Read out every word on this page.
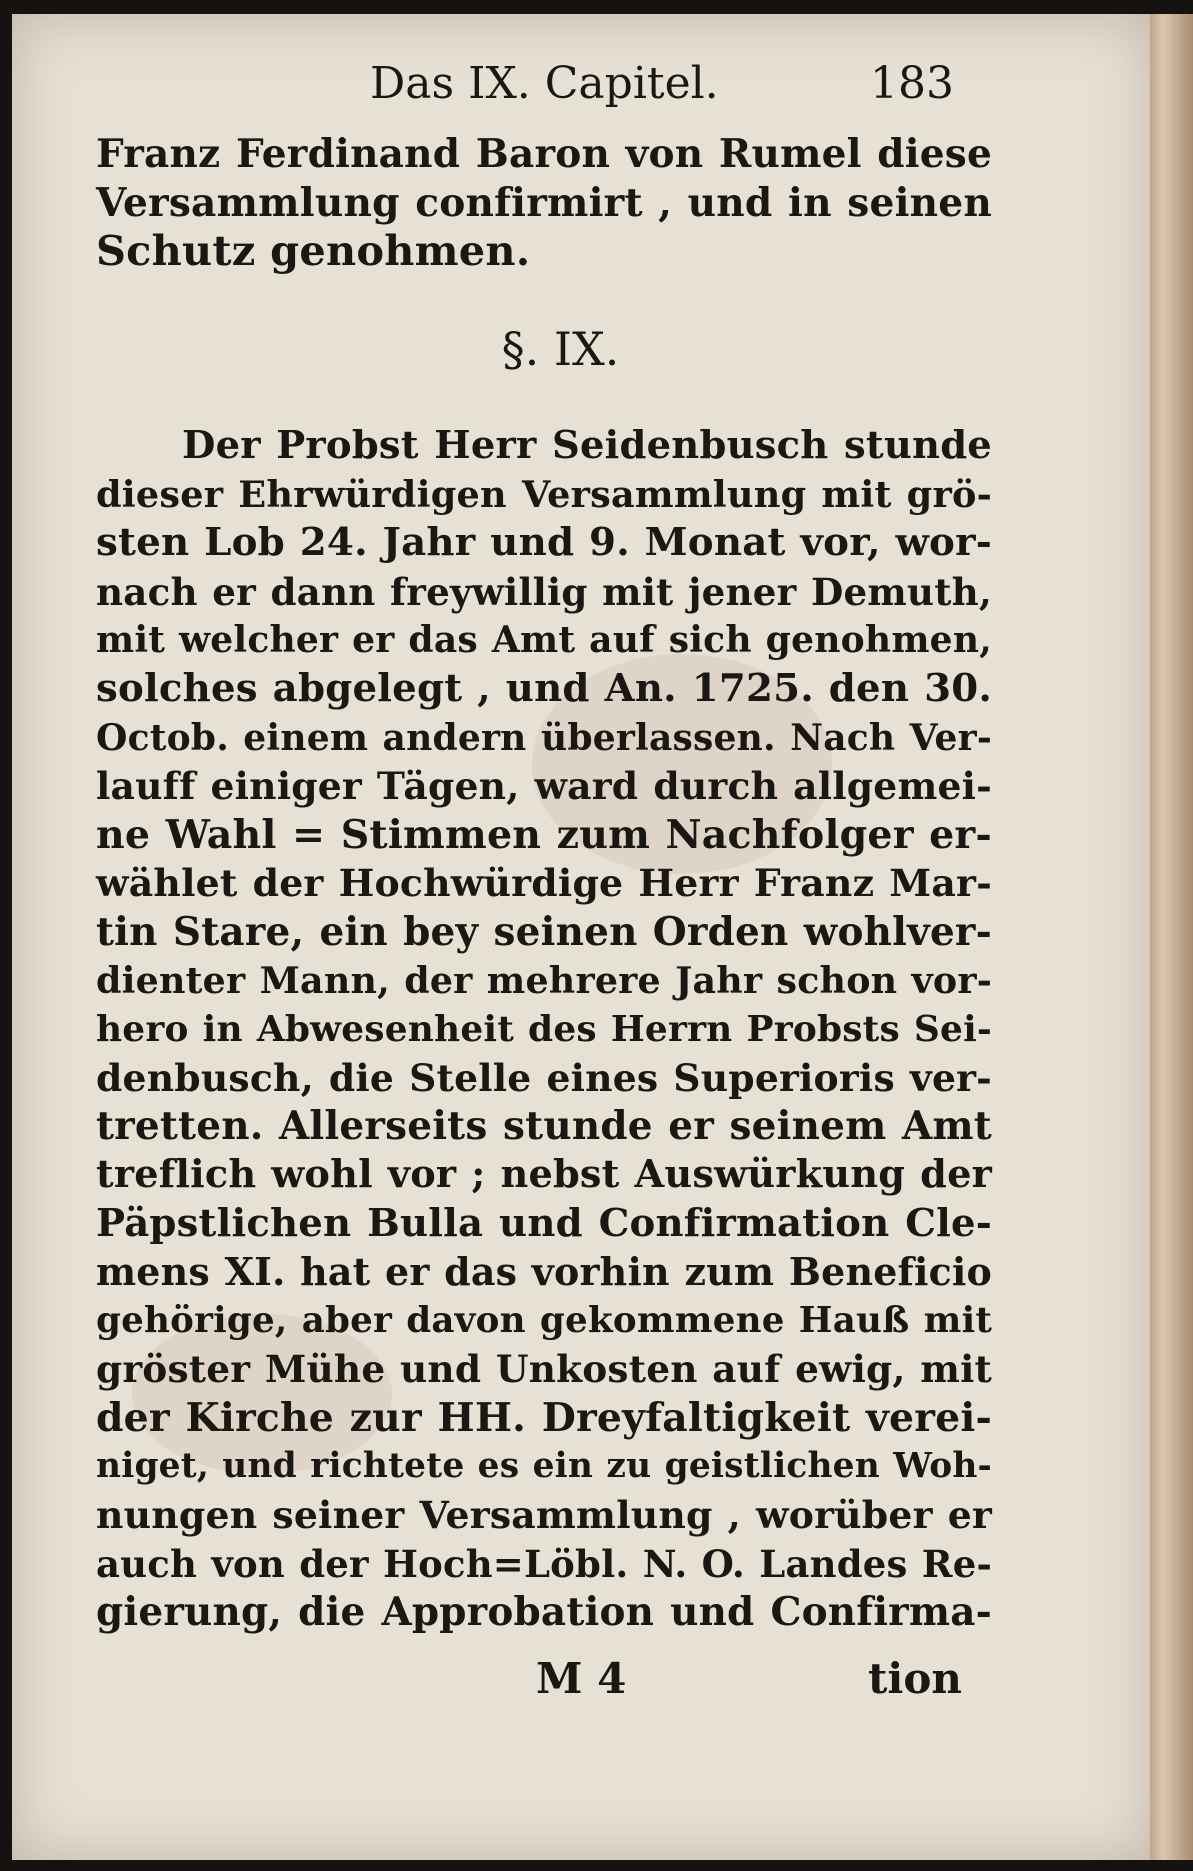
Das IX. Capitel.	183
Franz Ferdinand Baron von Rumel diese
Versammlung confirmirt , und in seinen
Schutz genohmen.
§. IX.
Der Probst Herr Seidenbusch stunde
dieser Ehrwürdigen Versammlung mit grö-
sten Lob 24. Jahr und 9. Monat vor, wor-
nach er dann freywillig mit jener Demuth,
mit welcher er das Amt auf sich genohmen,
solches abgelegt , und An. 1725. den 30.
Octob. einem andern überlassen. Nach Ver-
lauff einiger Tägen, ward durch allgemei-
ne Wahl = Stimmen zum Nachfolger er-
wählet der Hochwürdige Herr Franz Mar-
tin Stare, ein bey seinen Orden wohlver-
dienter Mann, der mehrere Jahr schon vor-
hero in Abwesenheit des Herrn Probsts Sei-
denbusch, die Stelle eines Superioris ver-
tretten. Allerseits stunde er seinem Amt
treflich wohl vor ; nebst Auswürkung der
Päpstlichen Bulla und Confirmation Cle-
mens XI. hat er das vorhin zum Beneficio
gehörige, aber davon gekommene Hauß mit
gröster Mühe und Unkosten auf ewig, mit
der Kirche zur HH. Dreyfaltigkeit verei-
niget, und richtete es ein zu geistlichen Woh-
nungen seiner Versammlung , worüber er
auch von der Hoch=Löbl. N. O. Landes Re-
gierung, die Approbation und Confirma-
M 4	tion
